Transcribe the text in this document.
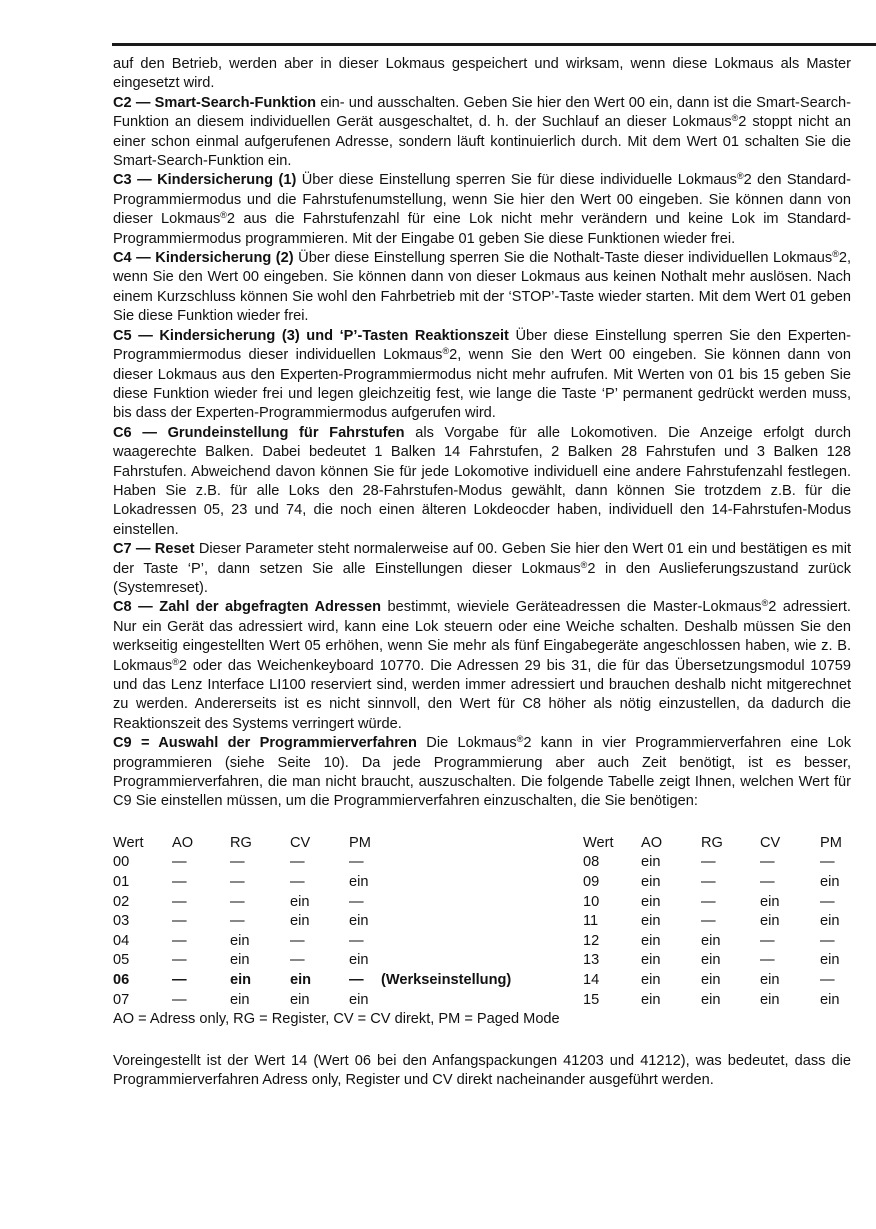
auf den Betrieb, werden aber in dieser Lokmaus gespeichert und wirksam, wenn diese Lokmaus als Master eingesetzt wird.

C2 — Smart-Search-Funktion ein- und ausschalten. Geben Sie hier den Wert 00 ein, dann ist die Smart-Search-Funktion an diesem individuellen Gerät ausgeschaltet, d. h. der Suchlauf an dieser Lokmaus®2 stoppt nicht an einer schon einmal aufgerufenen Adresse, sondern läuft kontinuierlich durch. Mit dem Wert 01 schalten Sie die Smart-Search-Funktion ein.

C3 — Kindersicherung (1) Über diese Einstellung sperren Sie für diese individuelle Lokmaus®2 den Standard-Programmiermodus und die Fahrstufenumstellung, wenn Sie hier den Wert 00 eingeben. Sie können dann von dieser Lokmaus®2 aus die Fahrstufenzahl für eine Lok nicht mehr verändern und keine Lok im Standard-Programmiermodus programmieren. Mit der Eingabe 01 geben Sie diese Funktionen wieder frei.

C4 — Kindersicherung (2) Über diese Einstellung sperren Sie die Nothalt-Taste dieser individuellen Lokmaus®2, wenn Sie den Wert 00 eingeben. Sie können dann von dieser Lokmaus aus keinen Nothalt mehr auslösen. Nach einem Kurzschluss können Sie wohl den Fahrbetrieb mit der ‘STOP’-Taste wieder starten. Mit dem Wert 01 geben Sie diese Funktion wieder frei.

C5 — Kindersicherung (3) und ‘P’-Tasten Reaktionszeit Über diese Einstellung sperren Sie den Experten-Programmiermodus dieser individuellen Lokmaus®2, wenn Sie den Wert 00 eingeben. Sie können dann von dieser Lokmaus aus den Experten-Programmiermodus nicht mehr aufrufen. Mit Werten von 01 bis 15 geben Sie diese Funktion wieder frei und legen gleichzeitig fest, wie lange die Taste ‘P’ permanent gedrückt werden muss, bis dass der Experten-Programmiermodus aufgerufen wird.

C6 — Grundeinstellung für Fahrstufen als Vorgabe für alle Lokomotiven. Die Anzeige erfolgt durch waagerechte Balken. Dabei bedeutet 1 Balken 14 Fahrstufen, 2 Balken 28 Fahrstufen und 3 Balken 128 Fahrstufen. Abweichend davon können Sie für jede Lokomotive individuell eine andere Fahrstufenzahl festlegen. Haben Sie z.B. für alle Loks den 28-Fahrstufen-Modus gewählt, dann können Sie trotzdem z.B. für die Lokadressen 05, 23 und 74, die noch einen älteren Lokdeocder haben, individuell den 14-Fahrstufen-Modus einstellen.

C7 — Reset Dieser Parameter steht normalerweise auf 00. Geben Sie hier den Wert 01 ein und bestätigen es mit der Taste ‘P’, dann setzen Sie alle Einstellungen dieser Lokmaus®2 in den Auslieferungszustand zurück (Systemreset).

C8 — Zahl der abgefragten Adressen bestimmt, wieviele Geräteadressen die Master-Lokmaus®2 adressiert. Nur ein Gerät das adressiert wird, kann eine Lok steuern oder eine Weiche schalten. Deshalb müssen Sie den werkseitig eingestellten Wert 05 erhöhen, wenn Sie mehr als fünf Eingabegeräte angeschlossen haben, wie z. B. Lokmaus®2 oder das Weichenkeyboard 10770. Die Adressen 29 bis 31, die für das Übersetzungsmodul 10759 und das Lenz Interface LI100 reserviert sind, werden immer adressiert und brauchen deshalb nicht mitgerechnet zu werden. Andererseits ist es nicht sinnvoll, den Wert für C8 höher als nötig einzustellen, da dadurch die Reaktionszeit des Systems verringert würde.

C9 = Auswahl der Programmierverfahren Die Lokmaus®2 kann in vier Programmierverfahren eine Lok programmieren (siehe Seite 10). Da jede Programmierung aber auch Zeit benötigt, ist es besser, Programmierverfahren, die man nicht braucht, auszuschalten. Die folgende Tabelle zeigt Ihnen, welchen Wert für C9 Sie einstellen müssen, um die Programmierverfahren einzuschalten, die Sie benötigen:

Wert
00
01
02
03
04
05
06
07
AO
—
—
—
—
—
—
—
—
RG
—
—
—
—
ein
ein
ein
ein
CV
—
—
ein
ein
—
—
ein
ein
PM
—
ein
—
ein
—
ein
—
ein
Wert
08
09
10
11
12
13
14
15
AO
ein
ein
ein
ein
ein
ein
ein
ein
RG
—
—
—
—
ein
ein
ein
ein
CV
—
—
ein
ein
—
—
ein
ein
PM
—
ein
—
ein
—
ein
—
ein
(Werkseinstellung)
AO = Adress only, RG = Register, CV = CV direkt, PM = Paged Mode

Voreingestellt ist der Wert 14 (Wert 06 bei den Anfangspackungen 41203 und 41212), was bedeutet, dass die Programmierverfahren Adress only, Register und CV direkt nacheinander ausgeführt werden.
